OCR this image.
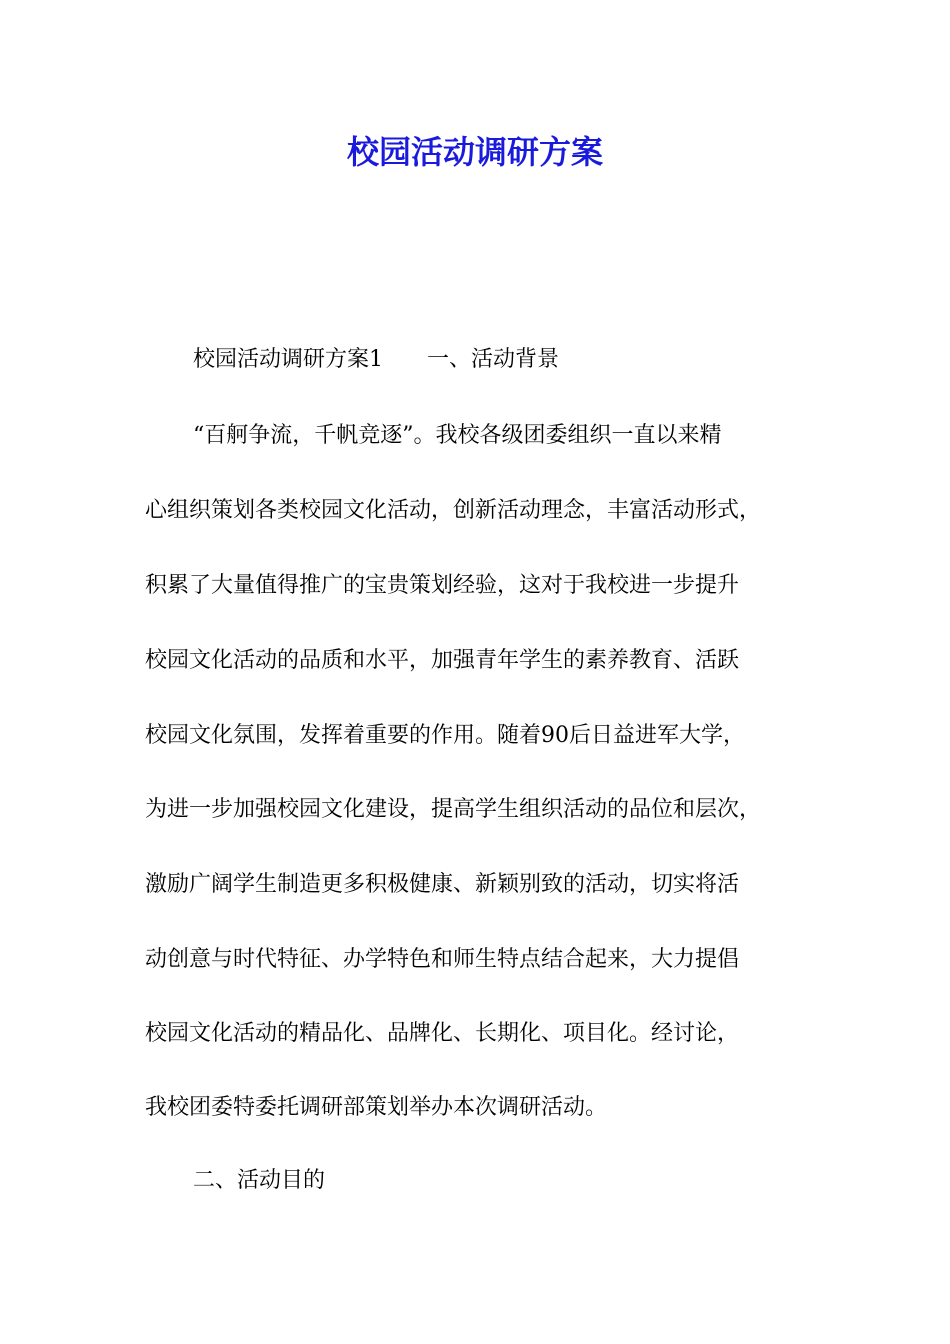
校园活动调研方案
校园活动调研方案1 一、活动背景
“百舸争流，千帆竞逐”。我校各级团委组织一直以来精
心组织策划各类校园文化活动，创新活动理念，丰富活动形式，
积累了大量值得推广的宝贵策划经验，这对于我校进一步提升
校园文化活动的品质和水平，加强青年学生的素养教育、活跃
校园文化氛围，发挥着重要的作用。随着90后日益进军大学，
为进一步加强校园文化建设，提高学生组织活动的品位和层次，
激励广阔学生制造更多积极健康、新颖别致的活动，切实将活
动创意与时代特征、办学特色和师生特点结合起来，大力提倡
校园文化活动的精品化、品牌化、长期化、项目化。经讨论，
我校团委特委托调研部策划举办本次调研活动。
二、活动目的
